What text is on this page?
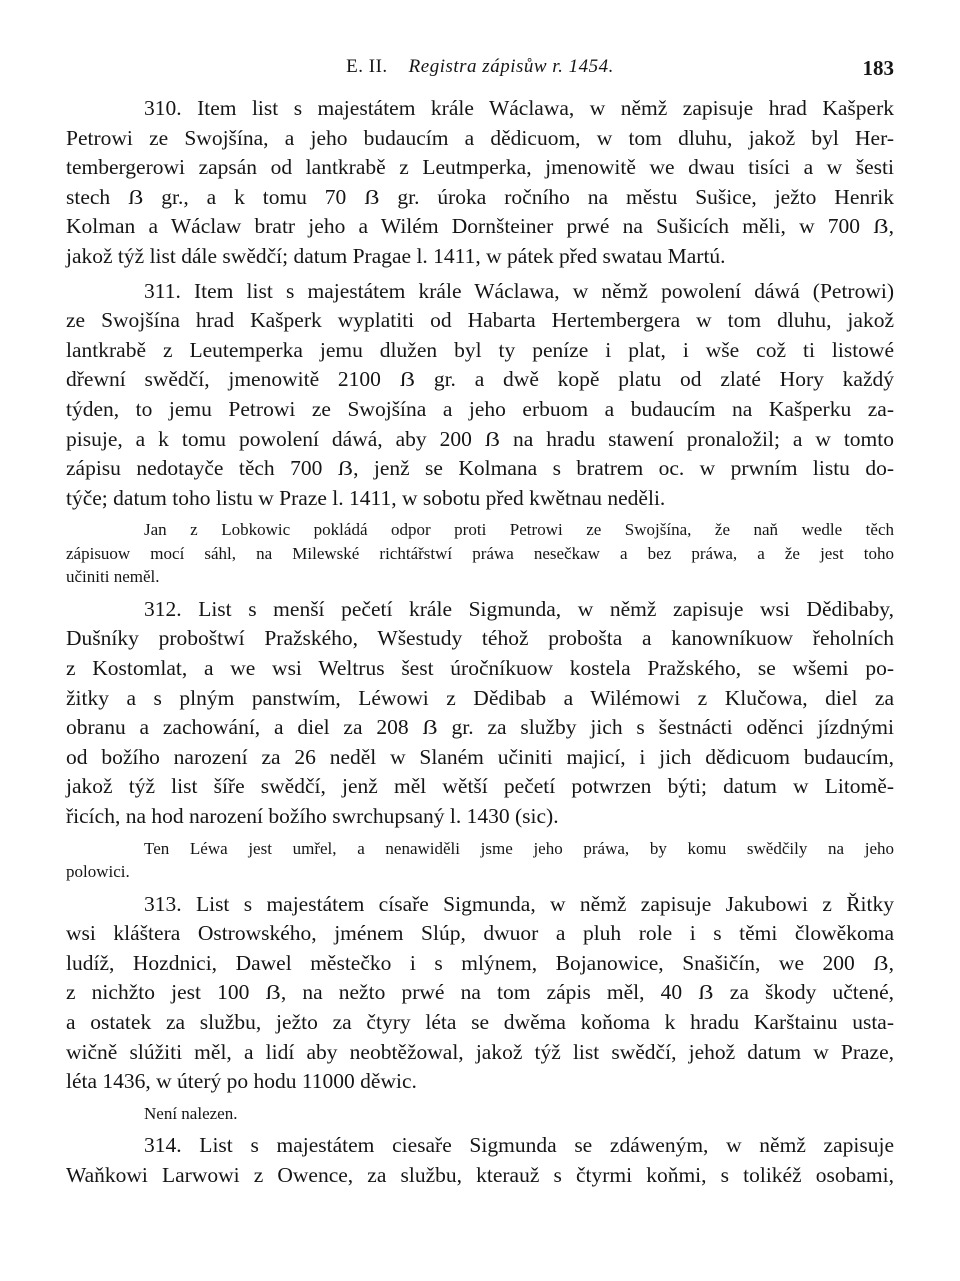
E. II. Registra zápisůw r. 1454.	183
310. Item list s majestátem krále Wáclawa, w němž zapisuje hrad Kašperk
Petrowi ze Swojšína, a jeho budaucím a dědicuom, w tom dluhu, jakož byl Her-
tembergerowi zapsán od lantkrabě z Leutmperka, jmenowitě we dwau tisíci a w šesti
stech ẞ gr., a k tomu 70 ẞ gr. úroka ročního na městu Sušice, ježto Henrik
Kolman a Wáclaw bratr jeho a Wilém Dornšteiner prwé na Sušicích měli, w 700 ẞ,
jakož týž list dále swědčí; datum Pragae l. 1411, w pátek před swatau Martú.
311. Item list s majestátem krále Wáclawa, w němž powolení dáwá (Petrowi)
ze Swojšína hrad Kašperk wyplatiti od Habarta Hertembergera w tom dluhu, jakož
lantkrabě z Leutemperka jemu dlužen byl ty peníze i plat, i wše což ti listowé
dřewní swědčí, jmenowitě 2100 ẞ gr. a dwě kopě platu od zlaté Hory každý
týden, to jemu Petrowi ze Swojšína a jeho erbuom a budaucím na Kašperku za-
pisuje, a k tomu powolení dáwá, aby 200 ẞ na hradu stawení pronaložil; a w tomto
zápisu nedotayče těch 700 ẞ, jenž se Kolmana s bratrem oc. w prwním listu do-
týče; datum toho listu w Praze l. 1411, w sobotu před kwětnau neděli.
Jan z Lobkowic pokládá odpor proti Petrowi ze Swojšína, že naň wedle těch
zápisuow mocí sáhl, na Milewské richtářstwí práwa nesečkaw a bez práwa, a že jest toho
učiniti neměl.
312. List s menší pečetí krále Sigmunda, w němž zapisuje wsi Dědibaby,
Dušníky proboštwí Pražského, Wšestudy téhož probošta a kanowníkuow řeholních
z Kostomlat, a we wsi Weltrus šest úročníkuow kostela Pražského, se wšemi po-
žitky a s plným panstwím, Léwowi z Dědibab a Wilémowi z Klučowa, diel za
obranu a zachowání, a diel za 208 ẞ gr. za služby jich s šestnácti oděnci jízdnými
od božího narození za 26 neděl w Slaném učiniti majicí, i jich dědicuom budaucím,
jakož týž list šíře swědčí, jenž měl wětší pečetí potwrzen býti; datum w Litomě-
řicích, na hod narození božího swrchupsaný l. 1430 (sic).
Ten Léwa jest umřel, a nenawiděli jsme jeho práwa, by komu swědčily na jeho
polowici.
313. List s majestátem císaře Sigmunda, w němž zapisuje Jakubowi z Řitky
wsi kláštera Ostrowského, jménem Slúp, dwuor a pluh role i s těmi člowěkoma
ludíž, Hozdnici, Dawel městečko i s mlýnem, Bojanowice, Snašičín, we 200 ẞ,
z nichžto jest 100 ẞ, na nežto prwé na tom zápis měl, 40 ẞ za škody učtené,
a ostatek za službu, ježto za čtyry léta se dwěma koňoma k hradu Karštainu usta-
wičně slúžiti měl, a lidí aby neobtěžowal, jakož týž list swědčí, jehož datum w Praze,
léta 1436, w úterý po hodu 11000 děwic.
Není nalezen.
314. List s majestátem ciesaře Sigmunda se zdáweným, w němž zapisuje
Waňkowi Larwowi z Owence, za službu, kterauž s čtyrmi koňmi, s tolikéž osobami,
